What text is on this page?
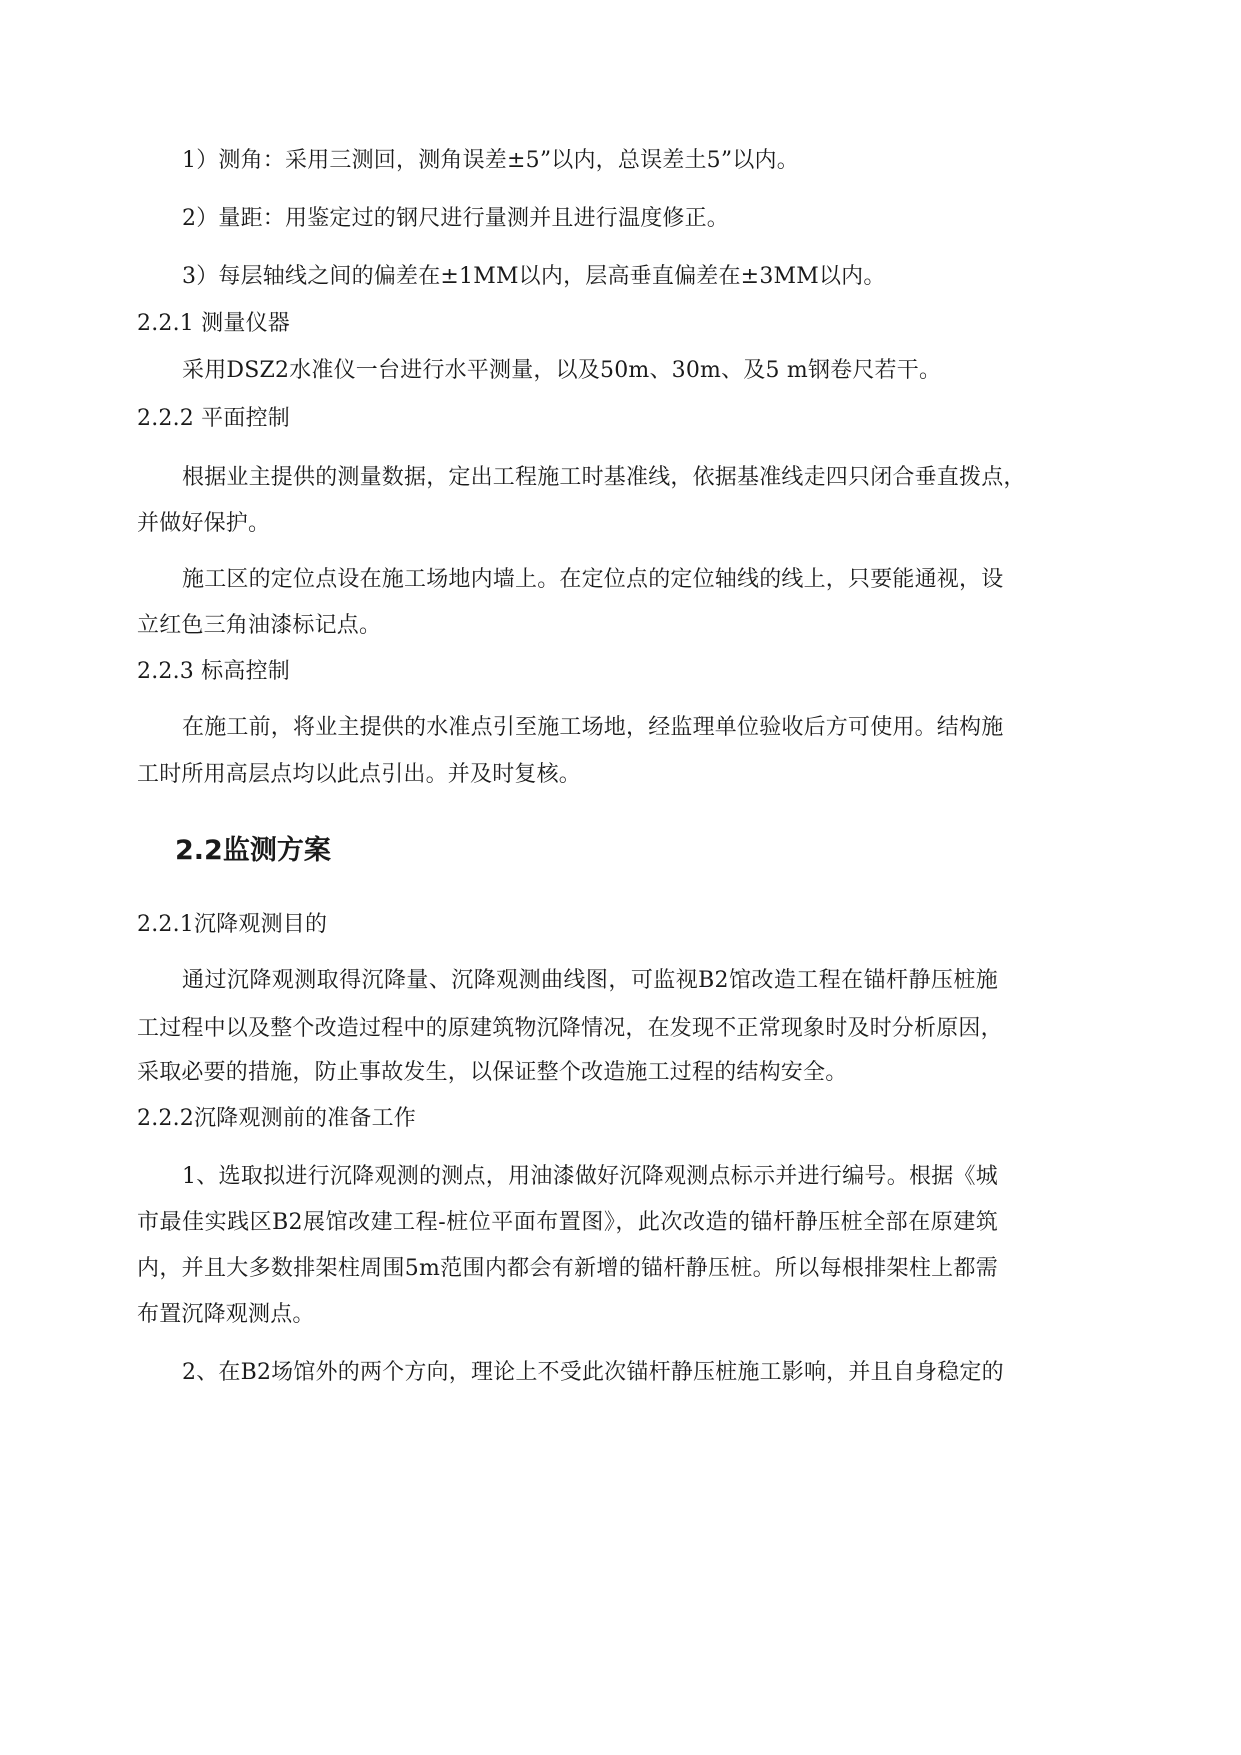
1）测角：采用三测回，测角误差±5”以内，总误差土5”以内。
2）量距：用鉴定过的钢尺进行量测并且进行温度修正。
3）每层轴线之间的偏差在±1MM以内，层高垂直偏差在±3MM以内。
2.2.1 测量仪器
采用DSZ2水准仪一台进行水平测量，以及50m、30m、及5 m钢卷尺若干。
2.2.2 平面控制
根据业主提供的测量数据，定出工程施工时基准线，依据基准线走四只闭合垂直拨点，
并做好保护。
施工区的定位点设在施工场地内墙上。在定位点的定位轴线的线上，只要能通视，设
立红色三角油漆标记点。
2.2.3 标高控制
在施工前，将业主提供的水准点引至施工场地，经监理单位验收后方可使用。结构施
工时所用高层点均以此点引出。并及时复核。
2.2监测方案
2.2.1沉降观测目的
通过沉降观测取得沉降量、沉降观测曲线图，可监视B2馆改造工程在锚杆静压桩施
工过程中以及整个改造过程中的原建筑物沉降情况，在发现不正常现象时及时分析原因，
采取必要的措施，防止事故发生，以保证整个改造施工过程的结构安全。
2.2.2沉降观测前的准备工作
1、选取拟进行沉降观测的测点，用油漆做好沉降观测点标示并进行编号。根据《城
市最佳实践区B2展馆改建工程-桩位平面布置图》，此次改造的锚杆静压桩全部在原建筑
内，并且大多数排架柱周围5m范围内都会有新增的锚杆静压桩。所以每根排架柱上都需
布置沉降观测点。
2、在B2场馆外的两个方向，理论上不受此次锚杆静压桩施工影响，并且自身稳定的
